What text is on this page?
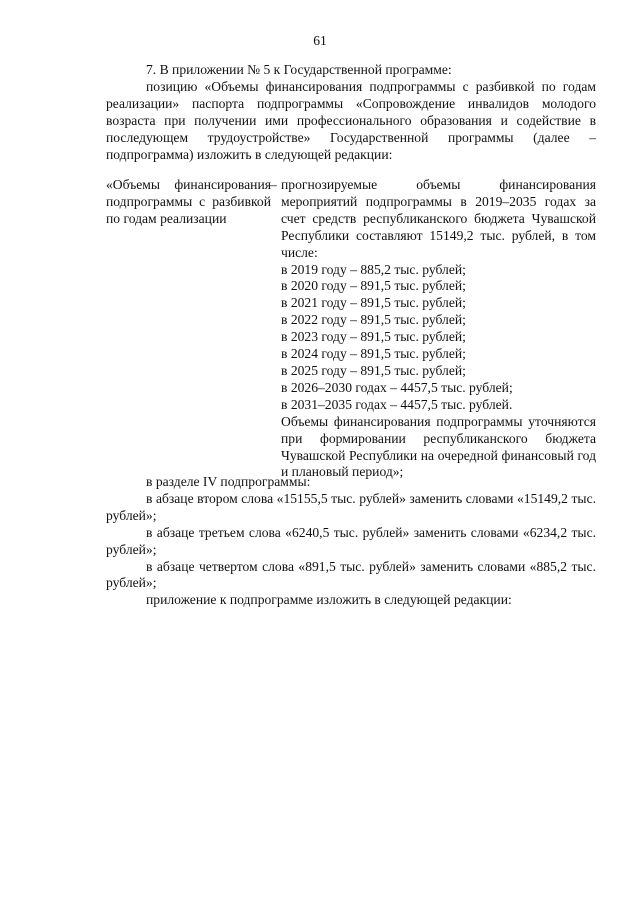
61

7. В приложении № 5 к Государственной программе:

позицию «Объемы финансирования подпрограммы с разбивкой по годам реализации» паспорта подпрограммы «Сопровождение инвалидов молодого возраста при получении ими профессионального образования и содействие в последующем трудоустройстве» Государственной программы (далее – подпрограмма) изложить в следующей редакции:

«Объемы финансирования подпрограммы с разбивкой по годам реализации
– прогнозируемые объемы финансирования мероприятий подпрограммы в 2019–2035 годах за счет средств республиканского бюджета Чувашской Республики составляют 15149,2 тыс. рублей, в том числе:

в 2019 году – 885,2 тыс. рублей;
в 2020 году – 891,5 тыс. рублей;
в 2021 году – 891,5 тыс. рублей;
в 2022 году – 891,5 тыс. рублей;
в 2023 году – 891,5 тыс. рублей;
в 2024 году – 891,5 тыс. рублей;
в 2025 году – 891,5 тыс. рублей;
в 2026–2030 годах – 4457,5 тыс. рублей;
в 2031–2035 годах – 4457,5 тыс. рублей.

Объемы финансирования подпрограммы уточняются при формировании республиканского бюджета Чувашской Республики на очередной финансовый год и плановый период»;

в разделе IV подпрограммы:

в абзаце втором слова «15155,5 тыс. рублей» заменить словами «15149,2 тыс. рублей»;

в абзаце третьем слова «6240,5 тыс. рублей» заменить словами «6234,2 тыс. рублей»;

в абзаце четвертом слова «891,5 тыс. рублей» заменить словами «885,2 тыс. рублей»;

приложение к подпрограмме изложить в следующей редакции:
